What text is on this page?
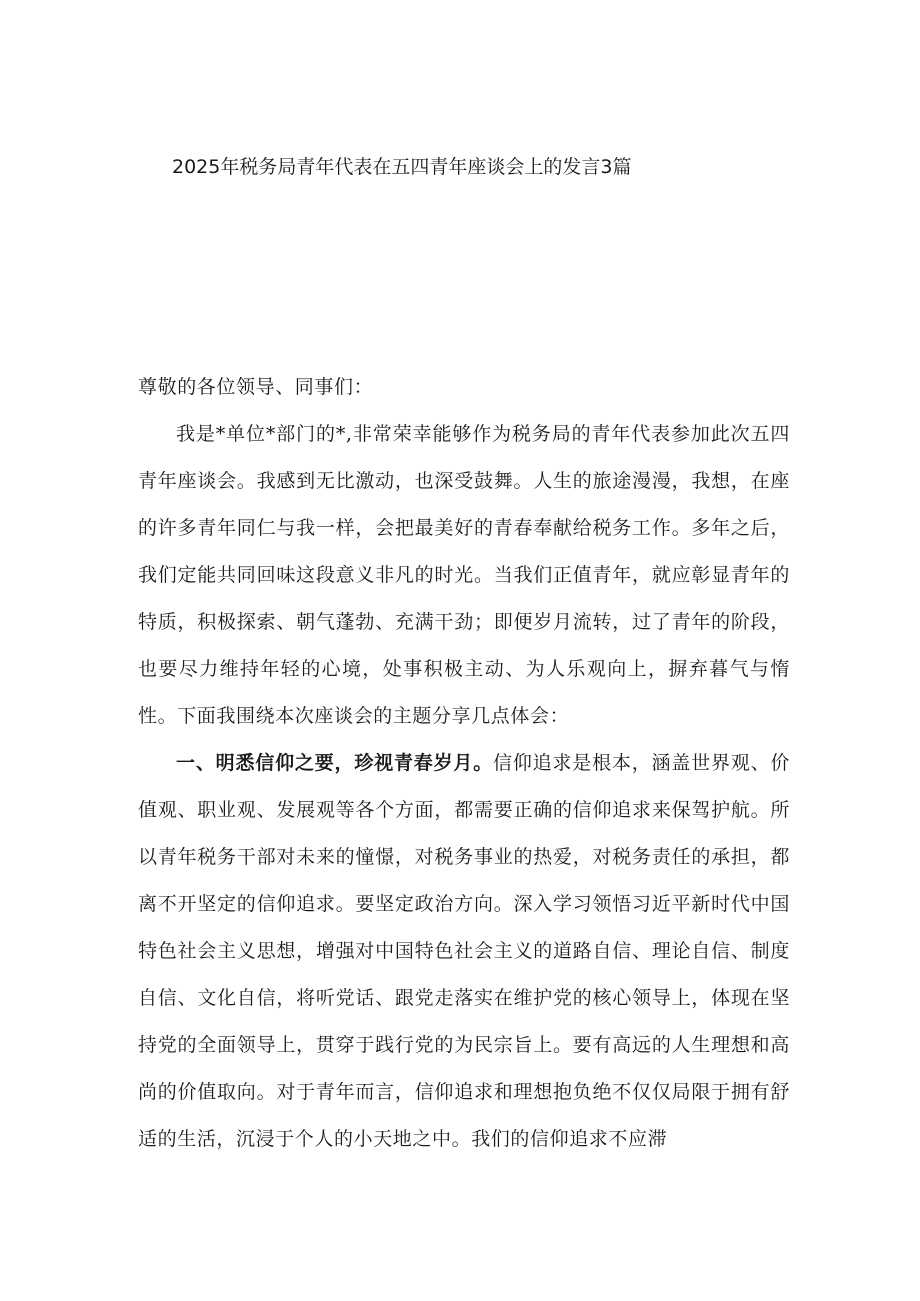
2025年税务局青年代表在五四青年座谈会上的发言3篇

尊敬的各位领导、同事们：

我是*单位*部门的*,非常荣幸能够作为税务局的青年代表参加此次五四青年座谈会。我感到无比激动，也深受鼓舞。人生的旅途漫漫，我想，在座的许多青年同仁与我一样，会把最美好的青春奉献给税务工作。多年之后，我们定能共同回味这段意义非凡的时光。当我们正值青年，就应彰显青年的特质，积极探索、朝气蓬勃、充满干劲；即便岁月流转，过了青年的阶段，也要尽力维持年轻的心境，处事积极主动、为人乐观向上，摒弃暮气与惰性。下面我围绕本次座谈会的主题分享几点体会：

一、明悉信仰之要，珍视青春岁月。信仰追求是根本，涵盖世界观、价值观、职业观、发展观等各个方面，都需要正确的信仰追求来保驾护航。所以青年税务干部对未来的憧憬，对税务事业的热爱，对税务责任的承担，都离不开坚定的信仰追求。要坚定政治方向。深入学习领悟习近平新时代中国特色社会主义思想，增强对中国特色社会主义的道路自信、理论自信、制度自信、文化自信，将听党话、跟党走落实在维护党的核心领导上，体现在坚持党的全面领导上，贯穿于践行党的为民宗旨上。要有高远的人生理想和高尚的价值取向。对于青年而言，信仰追求和理想抱负绝不仅仅局限于拥有舒适的生活，沉浸于个人的小天地之中。我们的信仰追求不应滞
